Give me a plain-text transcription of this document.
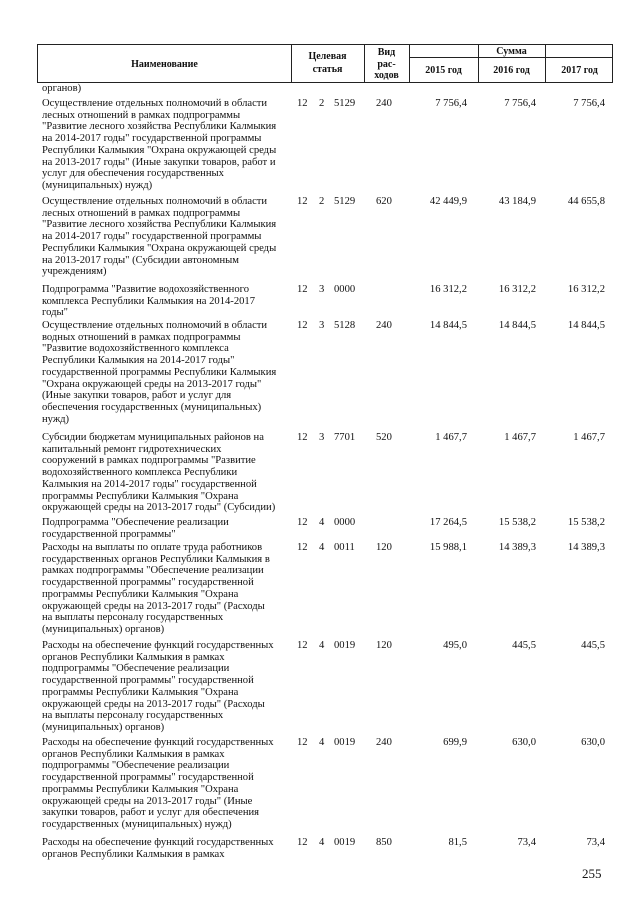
Наименование
Целевая
статья
Вид
рас-
ходов
Сумма
2015 год	2016 год	2017 год
органов)
Осуществление отдельных полномочий в области
лесных отношений в рамках подпрограммы
"Развитие лесного хозяйства Республики Калмыкия
на 2014-2017 годы" государственной программы
Республики Калмыкия "Охрана окружающей среды
на 2013-2017 годы" (Иные закупки товаров, работ и
услуг для обеспечения государственных
(муниципальных) нужд)
12	2 5129	240	7 756,4	7 756,4	7 756,4
Осуществление отдельных полномочий в области
лесных отношений в рамках подпрограммы
"Развитие лесного хозяйства Республики Калмыкия
на 2014-2017 годы" государственной программы
Республики Калмыкия "Охрана окружающей среды
на 2013-2017 годы" (Субсидии автономным
учреждениям)
12	2 5129	620	42 449,9	43 184,9	44 655,8
Подпрограмма "Развитие водохозяйственного
комплекса Республики Калмыкия на 2014-2017
годы"
12	3 0000	16 312,2	16 312,2	16 312,2
Осуществление отдельных полномочий в области
водных отношений в рамках подпрограммы
"Развитие водохозяйственного комплекса
Республики Калмыкия на 2014-2017 годы"
государственной программы Республики Калмыкия
"Охрана окружающей среды на 2013-2017 годы"
(Иные закупки товаров, работ и услуг для
обеспечения государственных (муниципальных)
нужд)
12	3 5128	240	14 844,5	14 844,5	14 844,5
Субсидии бюджетам муниципальных районов на
капитальный ремонт гидротехнических
сооружений в рамках подпрограммы "Развитие
водохозяйственного комплекса Республики
Калмыкия на 2014-2017 годы" государственной
программы Республики Калмыкия "Охрана
окружающей среды на 2013-2017 годы" (Субсидии)
12	3 7701	520	1 467,7	1 467,7	1 467,7
Подпрограмма "Обеспечение реализации
государственной программы"
12	4 0000	17 264,5	15 538,2	15 538,2
Расходы на выплаты по оплате труда работников
государственных органов Республики Калмыкия в
рамках подпрограммы "Обеспечение реализации
государственной программы" государственной
программы Республики Калмыкия "Охрана
окружающей среды на 2013-2017 годы" (Расходы
на выплаты персоналу государственных
(муниципальных) органов)
12	4 0011	120	15 988,1	14 389,3	14 389,3
Расходы на обеспечение функций государственных
органов Республики Калмыкия в рамках
подпрограммы "Обеспечение реализации
государственной программы" государственной
программы Республики Калмыкия "Охрана
окружающей среды на 2013-2017 годы" (Расходы
на выплаты персоналу государственных
(муниципальных) органов)
12	4 0019	120	495,0	445,5	445,5
Расходы на обеспечение функций государственных
органов Республики Калмыкия в рамках
подпрограммы "Обеспечение реализации
государственной программы" государственной
программы Республики Калмыкия "Охрана
окружающей среды на 2013-2017 годы" (Иные
закупки товаров, работ и услуг для обеспечения
государственных (муниципальных) нужд)
12	4 0019	240	699,9	630,0	630,0
Расходы на обеспечение функций государственных
органов Республики Калмыкия в рамках
12	4 0019	850	81,5	73,4	73,4
255
